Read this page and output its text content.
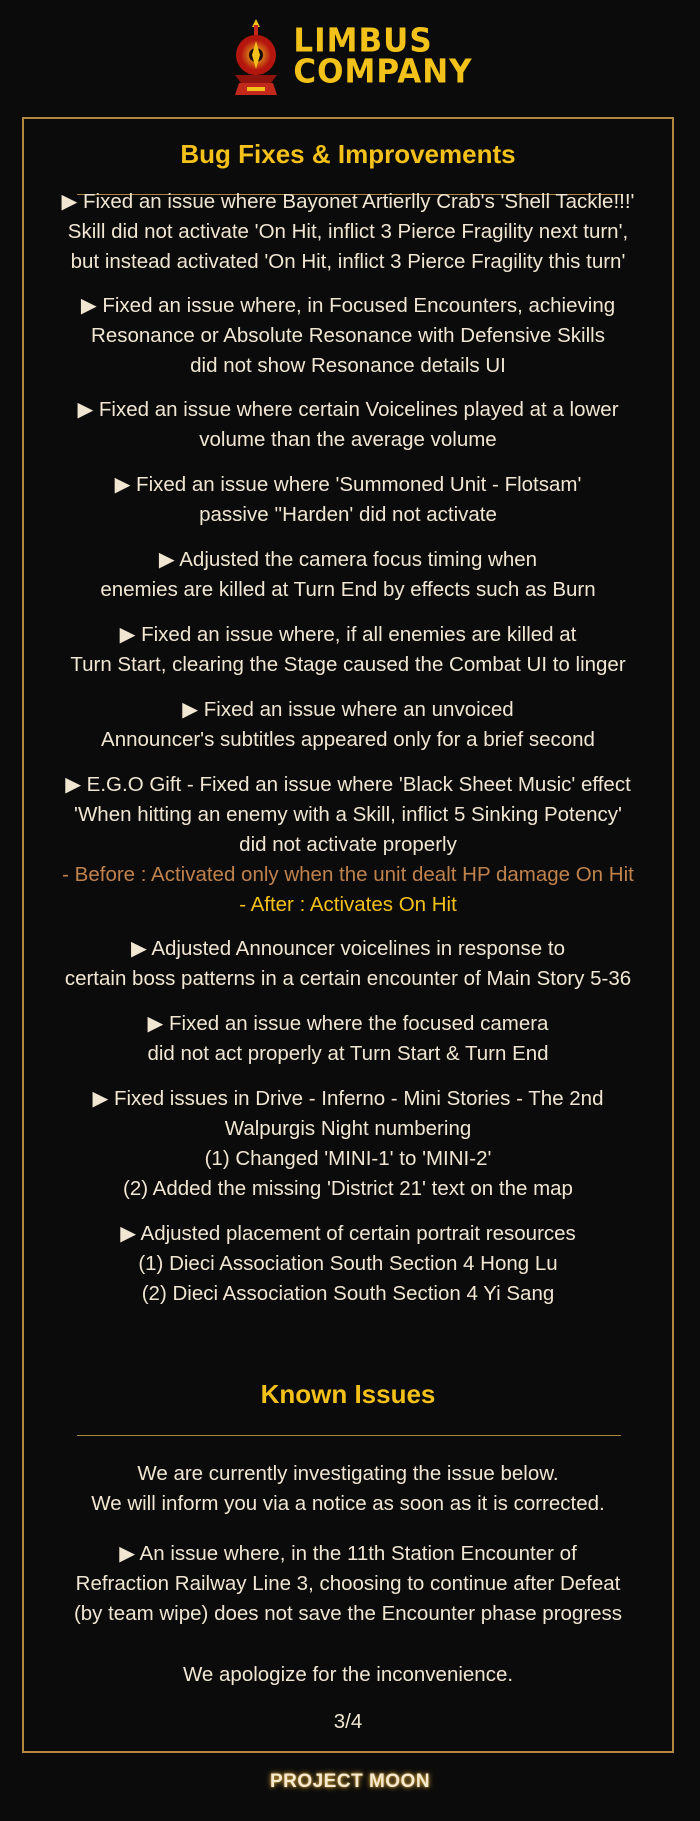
LIMBUS
COMPANY
Bug Fixes & Improvements
▶ Fixed an issue where Bayonet Artierlly Crab's 'Shell Tackle!!!'
Skill did not activate 'On Hit, inflict 3 Pierce Fragility next turn',
but instead activated 'On Hit, inflict 3 Pierce Fragility this turn'
▶ Fixed an issue where, in Focused Encounters, achieving
Resonance or Absolute Resonance with Defensive Skills
did not show Resonance details UI
▶ Fixed an issue where certain Voicelines played at a lower
volume than the average volume
▶ Fixed an issue where 'Summoned Unit - Flotsam'
passive ''Harden' did not activate
▶ Adjusted the camera focus timing when
enemies are killed at Turn End by effects such as Burn
▶ Fixed an issue where, if all enemies are killed at
Turn Start, clearing the Stage caused the Combat UI to linger
▶ Fixed an issue where an unvoiced
Announcer's subtitles appeared only for a brief second
▶ E.G.O Gift - Fixed an issue where 'Black Sheet Music' effect
'When hitting an enemy with a Skill, inflict 5 Sinking Potency'
did not activate properly
- Before : Activated only when the unit dealt HP damage On Hit
- After : Activates On Hit
▶ Adjusted Announcer voicelines in response to
certain boss patterns in a certain encounter of Main Story 5-36
▶ Fixed an issue where the focused camera
did not act properly at Turn Start & Turn End
▶ Fixed issues in Drive - Inferno - Mini Stories - The 2nd
Walpurgis Night numbering
(1) Changed 'MINI-1' to 'MINI-2'
(2) Added the missing 'District 21' text on the map
▶ Adjusted placement of certain portrait resources
(1) Dieci Association South Section 4 Hong Lu
(2) Dieci Association South Section 4 Yi Sang
Known Issues
We are currently investigating the issue below.
We will inform you via a notice as soon as it is corrected.
▶ An issue where, in the 11th Station Encounter of
Refraction Railway Line 3, choosing to continue after Defeat
(by team wipe) does not save the Encounter phase progress
We apologize for the inconvenience.
3/4
PROJECT MOON
